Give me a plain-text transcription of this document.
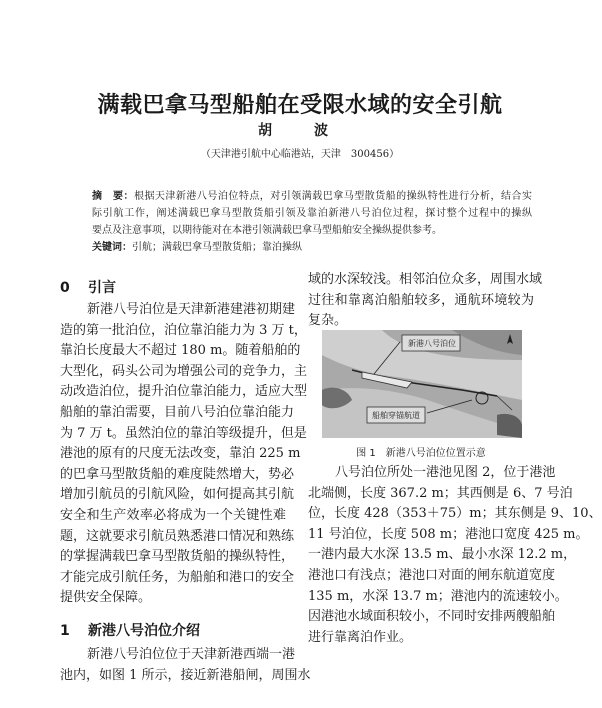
满载巴拿马型船舶在受限水域的安全引航
胡　波
（天津港引航中心临港站，天津　300456）
摘　要：根据天津新港八号泊位特点，对引领满载巴拿马型散货船的操纵特性进行分析，结合实
际引航工作，阐述满载巴拿马型散货船引领及靠泊新港八号泊位过程，探讨整个过程中的操纵
要点及注意事项，以期待能对在本港引领满载巴拿马型船舶安全操纵提供参考。
关键词：引航；满载巴拿马型散货船；靠泊操纵
0 引言
新港八号泊位是天津新港建港初期建
造的第一批泊位，泊位靠泊能力为 3 万 t，
靠泊长度最大不超过 180 m。随着船舶的
大型化，码头公司为增强公司的竞争力，主
动改造泊位，提升泊位靠泊能力，适应大型
船舶的靠泊需要，目前八号泊位靠泊能力
为 7 万 t。虽然泊位的靠泊等级提升，但是
港池的原有的尺度无法改变，靠泊 225 m
的巴拿马型散货船的难度陡然增大，势必
增加引航员的引航风险，如何提高其引航
安全和生产效率必将成为一个关键性难
题，这就要求引航员熟悉港口情况和熟练
的掌握满载巴拿马型散货船的操纵特性，
才能完成引航任务，为船舶和港口的安全
提供安全保障。
1 新港八号泊位介绍
新港八号泊位位于天津新港西端一港
池内，如图 1 所示，接近新港船闸，周围水
域的水深较浅。相邻泊位众多，周围水域
过往和靠离泊船舶较多，通航环境较为
复杂。
新港八号泊位
船舶穿锚航道
图 1　新港八号泊位位置示意
八号泊位所处一港池见图 2，位于港池
北端侧，长度 367.2 m；其西侧是 6、7 号泊
位，长度 428（353＋75）m；其东侧是 9、10、
11 号泊位，长度 508 m；港池口宽度 425 m。
一港内最大水深 13.5 m、最小水深 12.2 m，
港池口有浅点；港池口对面的闸东航道宽度
135 m，水深 13.7 m；港池内的流速较小。
因港池水域面积较小，不同时安排两艘船舶
进行靠离泊作业。
